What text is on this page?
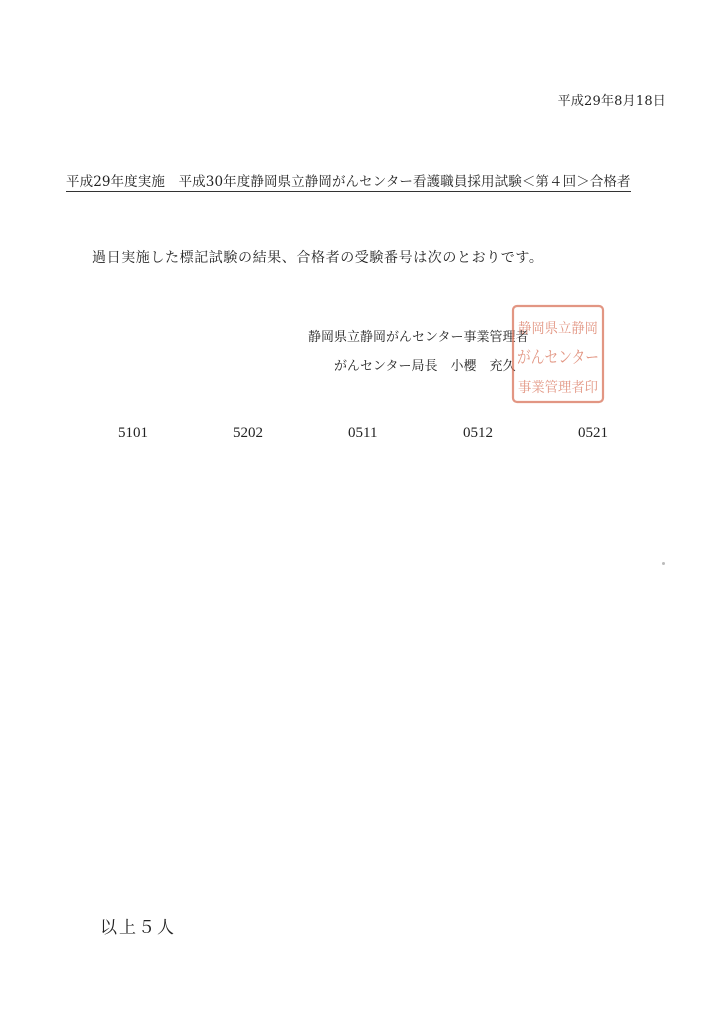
平成29年8月18日
平成29年度実施　平成30年度静岡県立静岡がんセンター看護職員採用試験＜第４回＞合格者
過日実施した標記試験の結果、合格者の受験番号は次のとおりです。
静岡県立静岡がんセンター事業管理者
がんセンター局長　小櫻　充久
静岡県立静岡
がんセンター
事業管理者印
5101	5202	0511	0512	0521
以上５人
